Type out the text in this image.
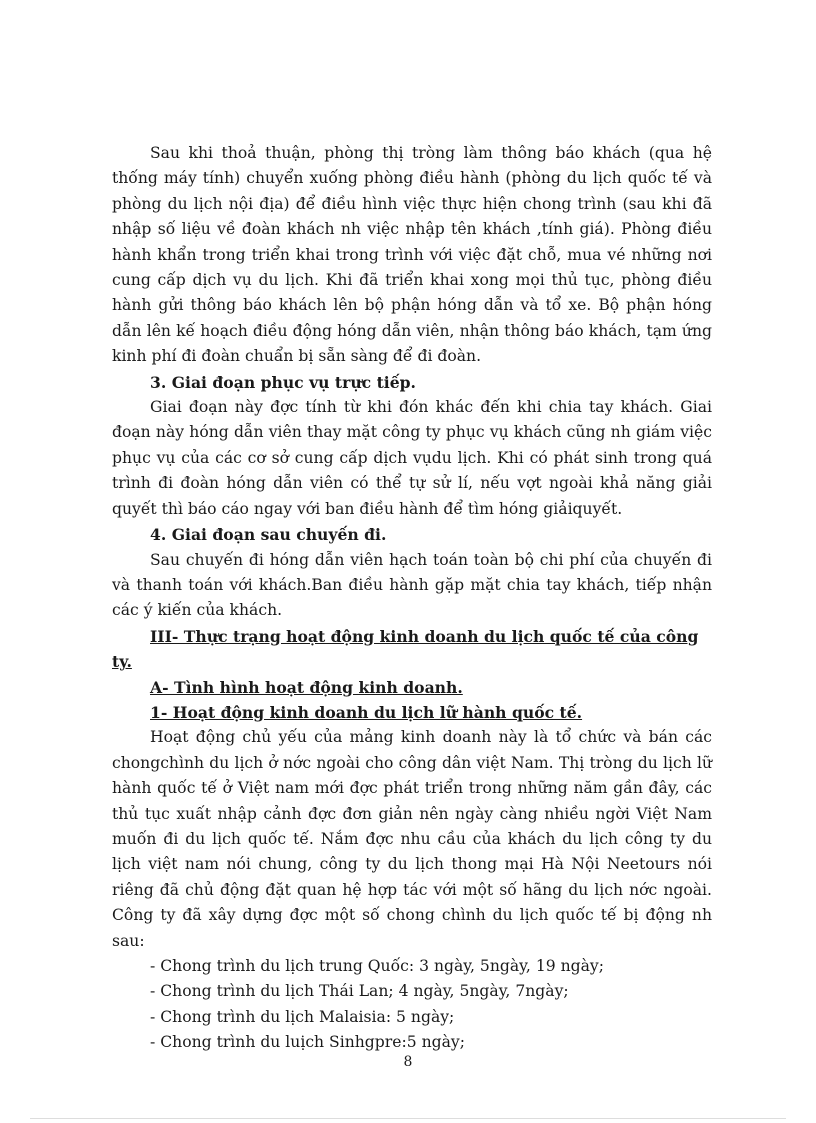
Sau khi thoả thuận, phòng thị tròng làm thông báo khách (qua hệ thống máy tính) chuyển xuống phòng điều hành (phòng du lịch quốc tế và phòng du lịch nội địa) để điều hình việc thực hiện chong trình (sau khi đã nhập số liệu về đoàn khách nh việc nhập tên khách ,tính giá). Phòng điều hành khẩn trong triển khai trong trình với việc đặt chỗ, mua vé những nơi cung cấp dịch vụ du lịch. Khi đã triển khai xong mọi thủ tục, phòng điều hành gửi thông báo khách lên bộ phận hóng dẫn và tổ xe. Bộ phận hóng dẫn lên kế hoạch điều động hóng dẫn viên, nhận thông báo khách, tạm ứng kinh phí đi đoàn chuẩn bị sẵn sàng để đi đoàn.

3. Giai đoạn phục vụ trực tiếp.

Giai đoạn này đợc tính từ khi đón khác đến khi chia tay khách. Giai đoạn này hóng dẫn viên thay mặt công ty phục vụ khách cũng nh giám việc phục vụ của các cơ sở cung cấp dịch vụdu lịch. Khi có phát sinh trong quá trình đi đoàn hóng dẫn viên có thể tự sử lí, nếu vợt ngoài khả năng giải quyết thì báo cáo ngay với ban điều hành để tìm hóng giảiquyết.

4. Giai đoạn sau chuyến đi.

Sau chuyến đi hóng dẫn viên hạch toán toàn bộ chi phí của chuyến đi và thanh toán với khách.Ban điều hành gặp mặt chia tay khách, tiếp nhận các ý kiến của khách.

III- Thực trạng hoạt động kinh doanh du lịch quốc tế của công ty.

A- Tình hình hoạt động kinh doanh.

1- Hoạt động kinh doanh du lịch lữ hành quốc tế.

Hoạt động chủ yếu của mảng kinh doanh này là tổ chức và bán các chongchình du lịch ở nớc ngoài cho công dân việt Nam. Thị tròng du lịch lữ hành quốc tế ở Việt nam mới đợc phát triển trong những năm gần đây, các thủ tục xuất nhập cảnh đợc đơn giản nên ngày càng nhiều ngời Việt Nam muốn đi du lịch quốc tế. Nắm đợc nhu cầu của khách du lịch công ty du lịch việt nam nói chung, công ty du lịch thong mại Hà Nội Neetours nói riêng đã chủ động đặt quan hệ hợp tác với một số hãng du lịch nớc ngoài. Công ty đã xây dựng đợc một số chong chình du lịch quốc tế bị động nh sau:

- Chong trình du lịch trung Quốc: 3 ngày, 5ngày, 19 ngày;

- Chong trình du lịch Thái Lan; 4 ngày, 5ngày, 7ngày;

- Chong trình du lịch Malaisia: 5 ngày;

- Chong trình du luịch Sinhgpre:5 ngày;

8
